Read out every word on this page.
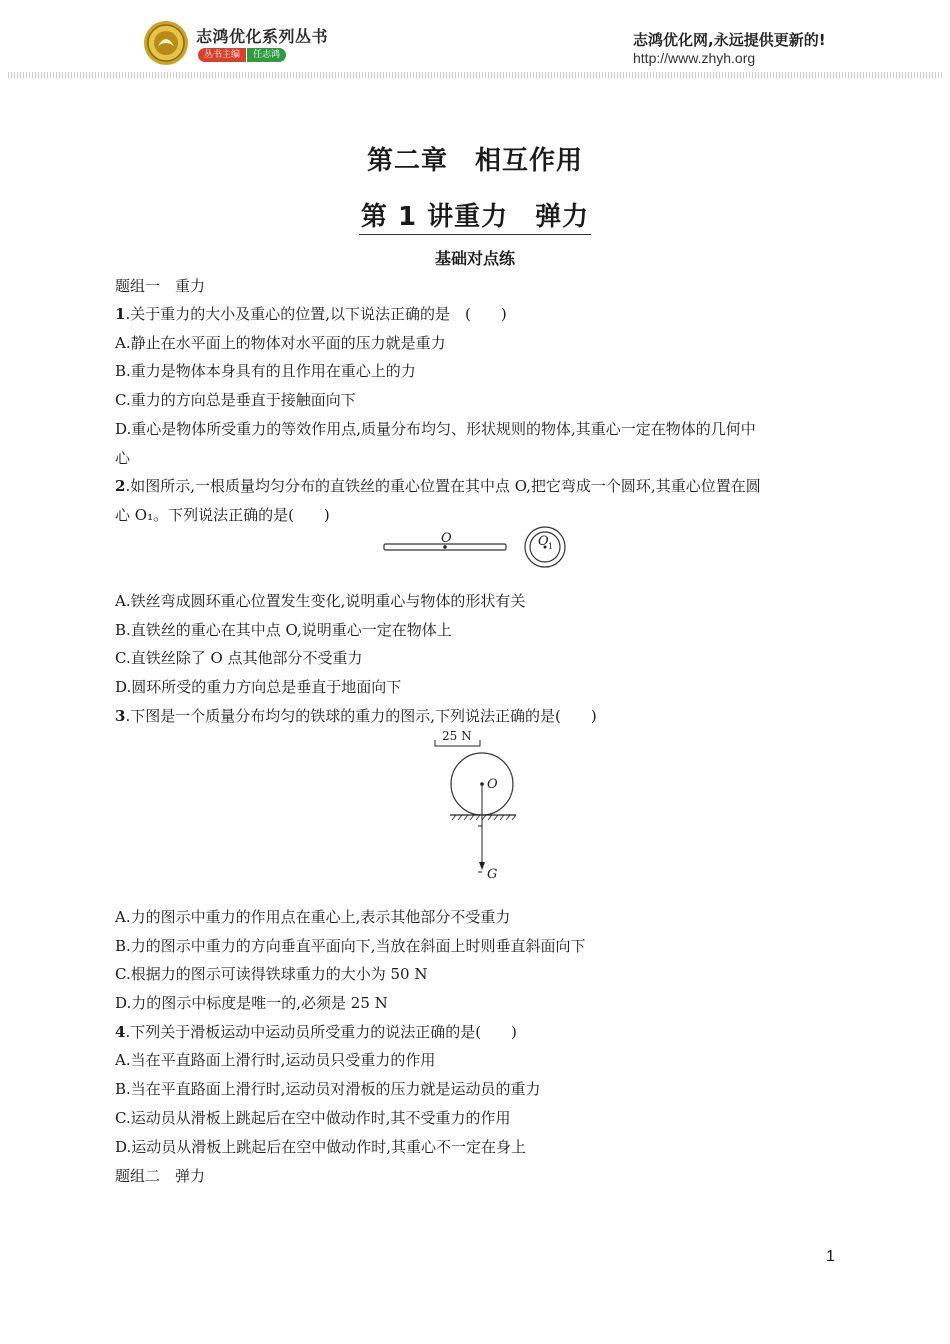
志鸿优化系列丛书
丛书主编	任志鸿
志鸿优化网,永远提供更新的!
http://www.zhyh.org
第二章　相互作用
第 1 讲重力　弹力
基础对点练
题组一　重力
1.关于重力的大小及重心的位置,以下说法正确的是　(　　)
A.静止在水平面上的物体对水平面的压力就是重力
B.重力是物体本身具有的且作用在重心上的力
C.重力的方向总是垂直于接触面向下
D.重心是物体所受重力的等效作用点,质量分布均匀、形状规则的物体,其重心一定在物体的几何中
心
2.如图所示,一根质量均匀分布的直铁丝的重心位置在其中点 O,把它弯成一个圆环,其重心位置在圆
心 O₁。下列说法正确的是(　　)
O	O 1
A.铁丝弯成圆环重心位置发生变化,说明重心与物体的形状有关
B.直铁丝的重心在其中点 O,说明重心一定在物体上
C.直铁丝除了 O 点其他部分不受重力
D.圆环所受的重力方向总是垂直于地面向下
3.下图是一个质量分布均匀的铁球的重力的图示,下列说法正确的是(　　)
25 N
O
G
A.力的图示中重力的作用点在重心上,表示其他部分不受重力
B.力的图示中重力的方向垂直平面向下,当放在斜面上时则垂直斜面向下
C.根据力的图示可读得铁球重力的大小为 50 N
D.力的图示中标度是唯一的,必须是 25 N
4.下列关于滑板运动中运动员所受重力的说法正确的是(　　)
A.当在平直路面上滑行时,运动员只受重力的作用
B.当在平直路面上滑行时,运动员对滑板的压力就是运动员的重力
C.运动员从滑板上跳起后在空中做动作时,其不受重力的作用
D.运动员从滑板上跳起后在空中做动作时,其重心不一定在身上
题组二　弹力
1
